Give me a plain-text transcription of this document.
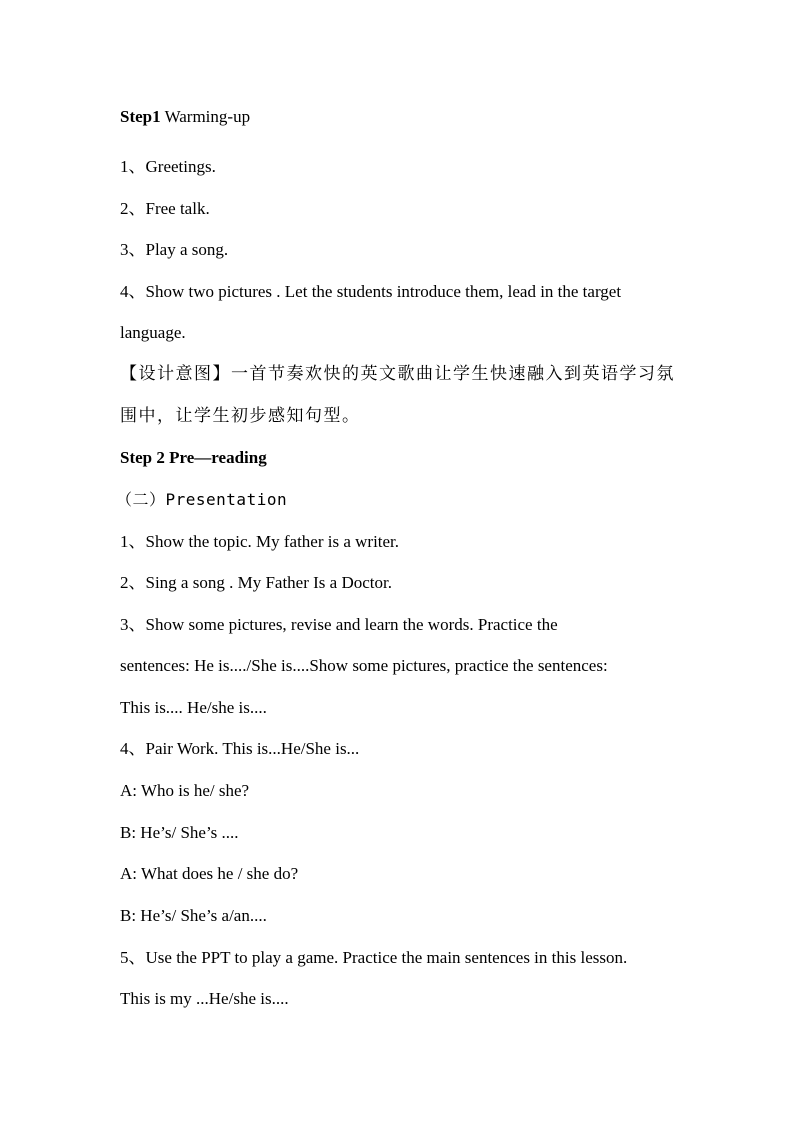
Step1 Warming-up
1、Greetings.
2、Free talk.
3、Play a song.
4、Show two pictures . Let the students introduce them, lead in the target
language.
【设计意图】一首节奏欢快的英文歌曲让学生快速融入到英语学习氛
围中，让学生初步感知句型。
Step 2 Pre—reading
（二）Presentation
1、Show the topic. My father is a writer.
2、Sing a song . My Father Is a Doctor.
3、Show some pictures, revise and learn the words. Practice the
sentences: He is..../She is....Show some pictures, practice the sentences:
This is.... He/she is....
4、Pair Work. This is...He/She is...
A: Who is he/ she?
B: He’s/ She’s ....
A: What does he / she do?
B: He’s/ She’s a/an....
5、Use the PPT to play a game. Practice the main sentences in this lesson.
This is my ...He/she is....
